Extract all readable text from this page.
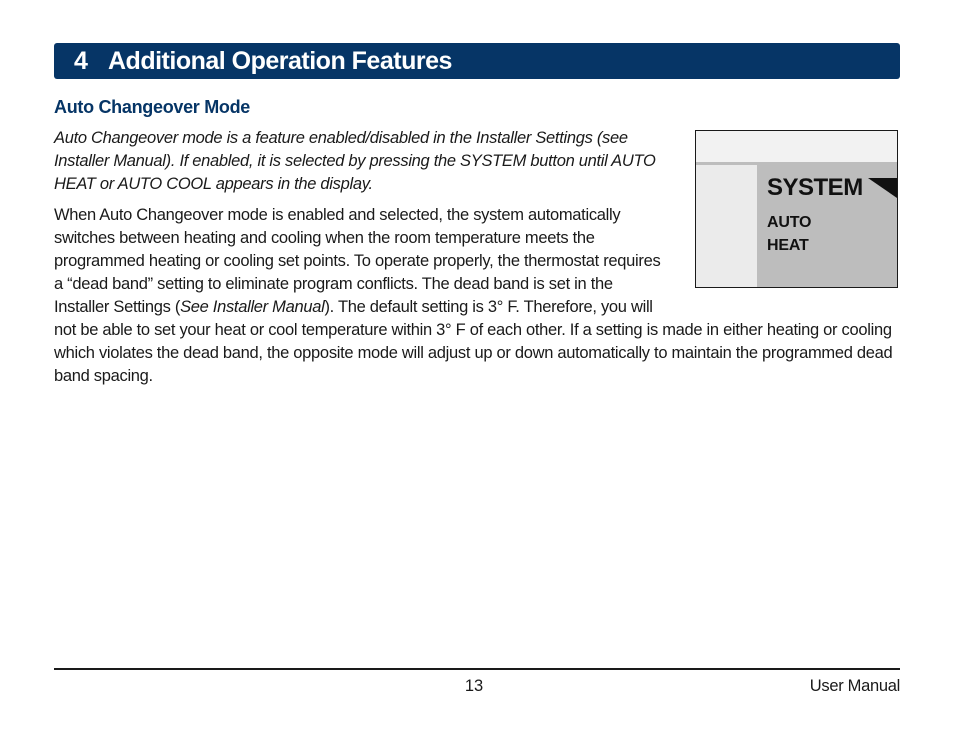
4 Additional Operation Features
Auto Changeover Mode

Auto Changeover mode is a feature enabled/disabled in the Installer Settings (see Installer Manual). If enabled, it is selected by pressing the SYSTEM button until AUTO HEAT or AUTO COOL appears in the display.

When Auto Changeover mode is enabled and selected, the system automatically switches between heating and cooling when the room temperature meets the programmed heating or cooling set points. To operate properly, the thermostat requires a “dead band” setting to eliminate program conflicts. The dead band is set in the Installer Settings (See Installer Manual). The default setting is 3° F. Therefore, you will not be able to set your heat or cool temperature within 3° F of each other. If a setting is made in either heating or cooling which violates the dead band, the opposite mode will adjust up or down automatically to maintain the programmed dead band spacing.

SYSTEM
AUTO
HEAT
13	User Manual
